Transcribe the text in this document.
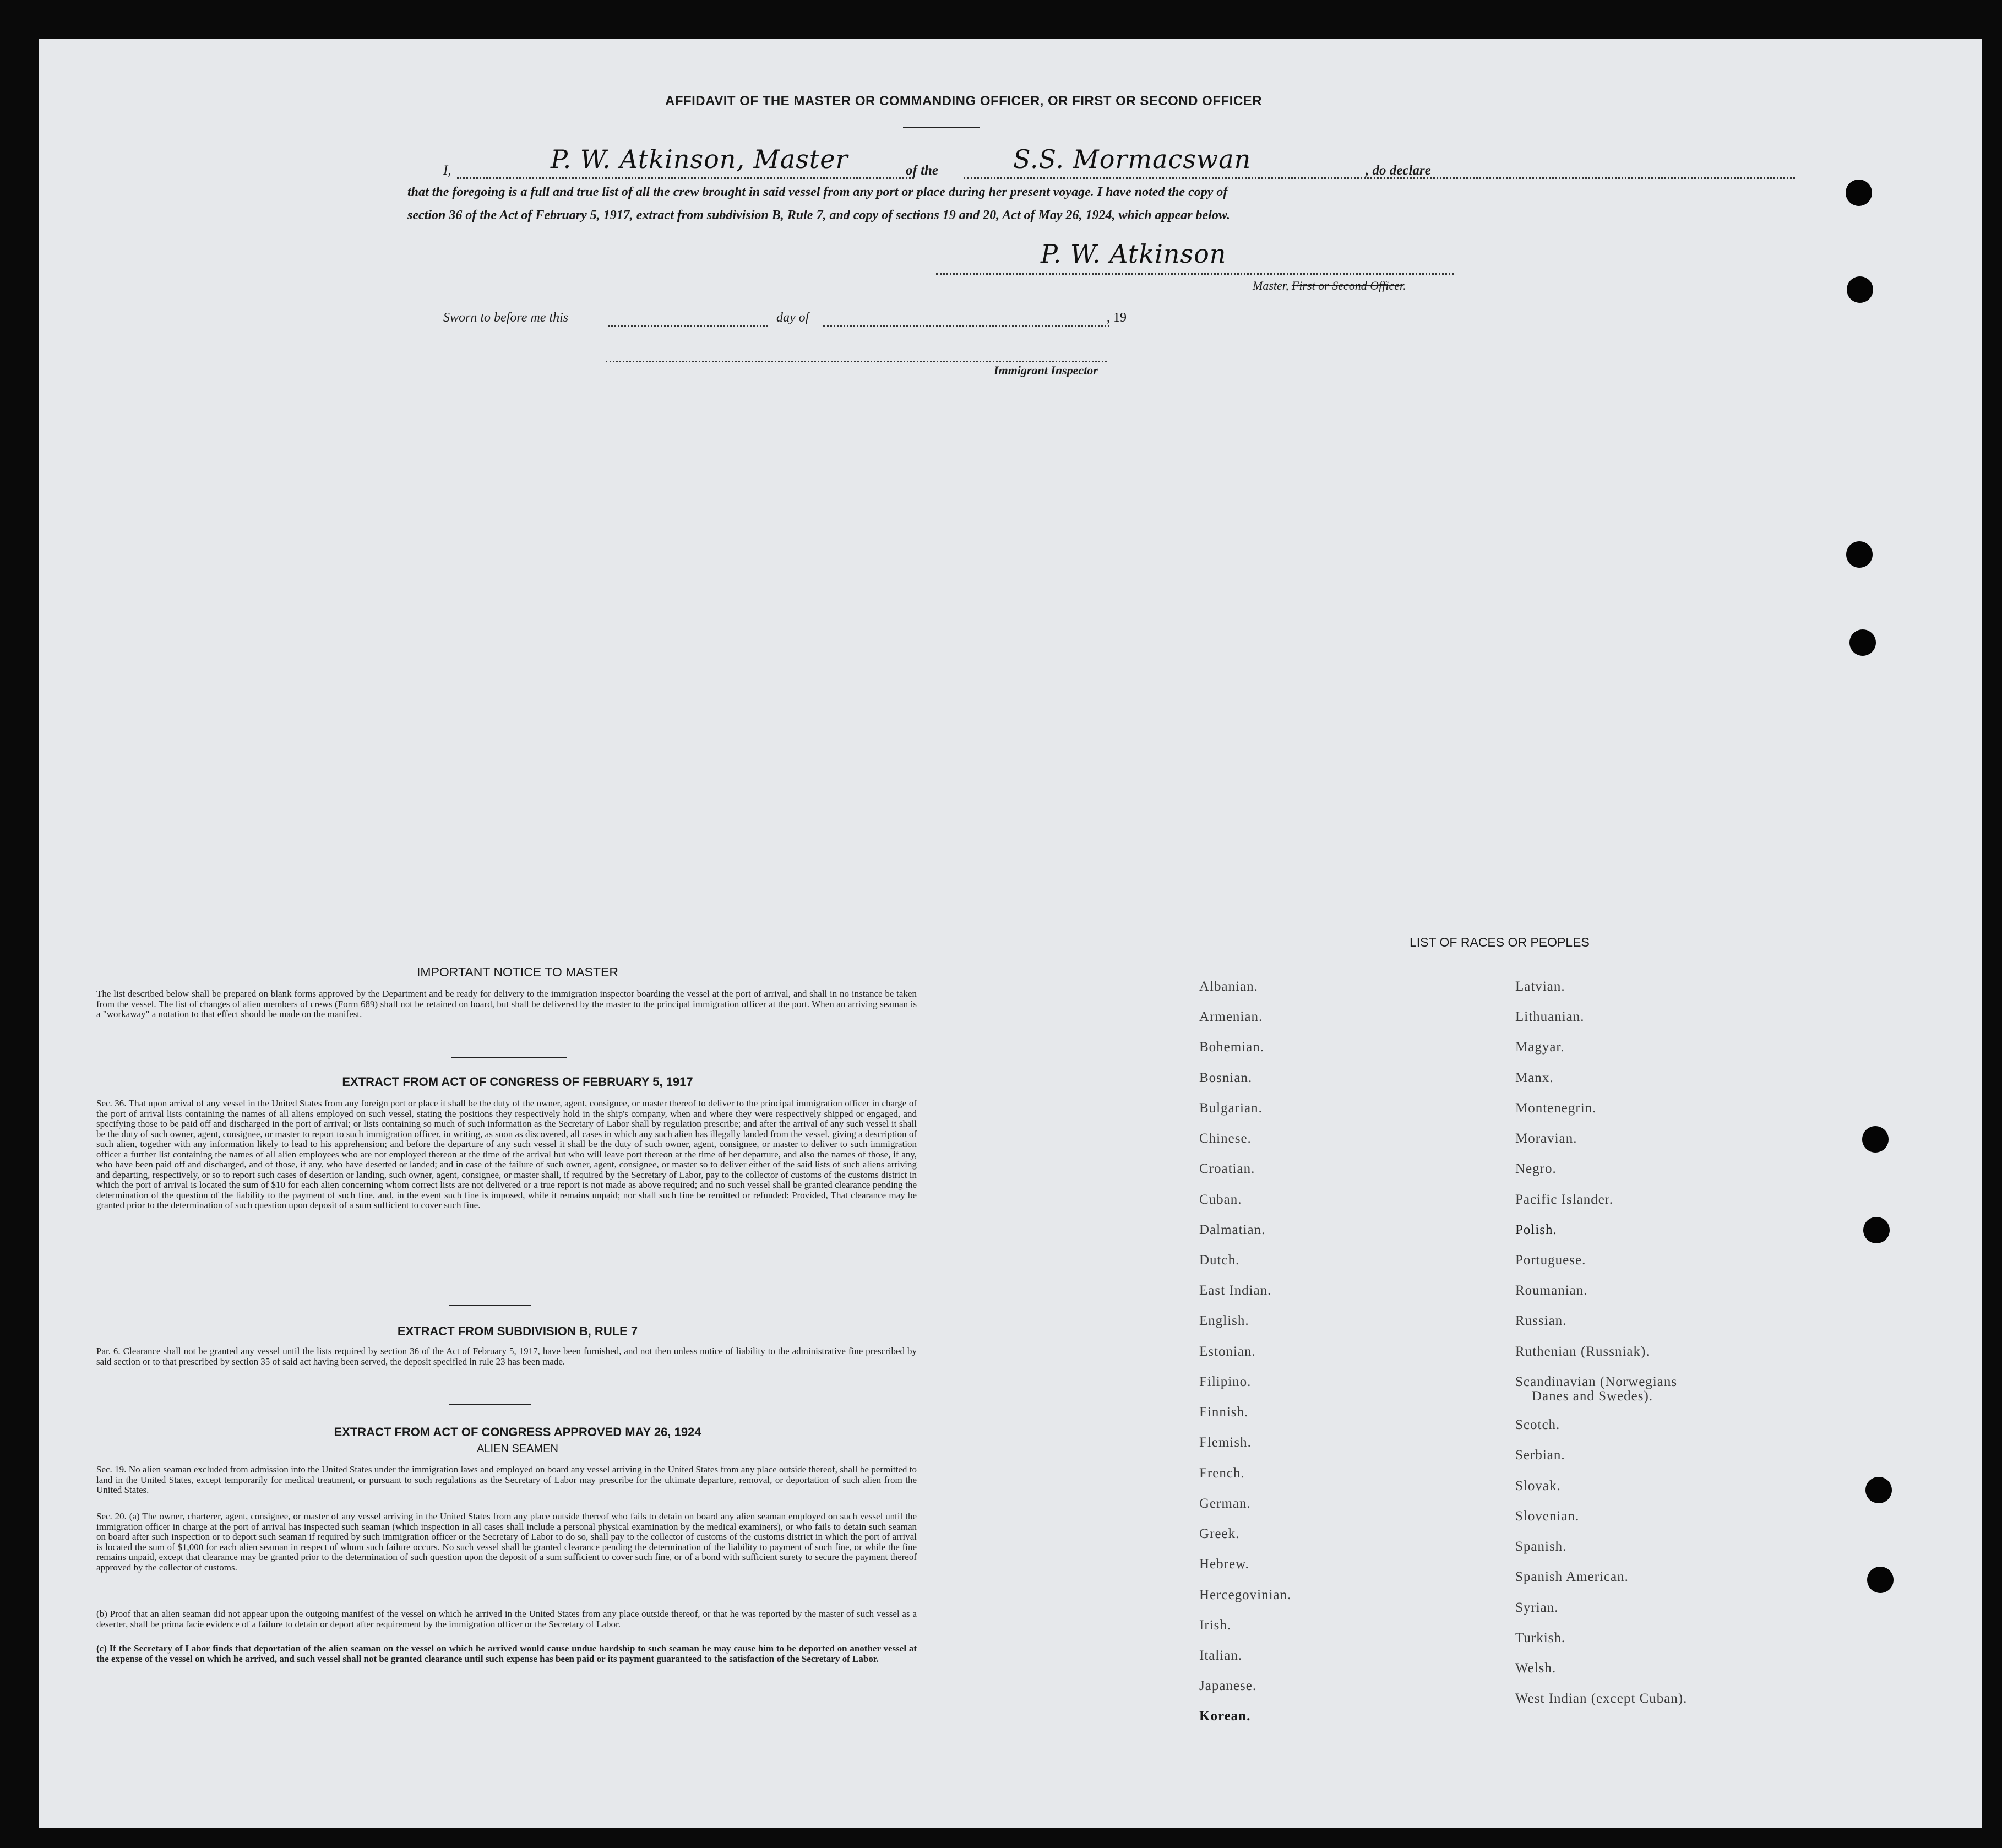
AFFIDAVIT OF THE MASTER OR COMMANDING OFFICER, OR FIRST OR SECOND OFFICER
I,	P. W. Atkinson, Master	of the	S.S. Mormacswan	, do declare
that the foregoing is a full and true list of all the crew brought in said vessel from any port or place during her present voyage. I have noted the copy of
section 36 of the Act of February 5, 1917, extract from subdivision B, Rule 7, and copy of sections 19 and 20, Act of May 26, 1924, which appear below.
P. W. Atkinson
Master, First or Second Officer.
Sworn to before me this	day of	, 19
Immigrant Inspector
IMPORTANT NOTICE TO MASTER
The list described below shall be prepared on blank forms approved by the Department and be ready for delivery to the immigration inspector boarding the vessel at the port of arrival, and shall in no instance be taken from the vessel. The list of changes of alien members of crews (Form 689) shall not be retained on board, but shall be delivered by the master to the principal immigration officer at the port. When an arriving seaman is a "workaway" a notation to that effect should be made on the manifest.
EXTRACT FROM ACT OF CONGRESS OF FEBRUARY 5, 1917
Sec. 36. That upon arrival of any vessel in the United States from any foreign port or place it shall be the duty of the owner, agent, consignee, or master thereof to deliver to the principal immigration officer in charge of the port of arrival lists containing the names of all aliens employed on such vessel, stating the positions they respectively hold in the ship's company, when and where they were respectively shipped or engaged, and specifying those to be paid off and discharged in the port of arrival; or lists containing so much of such information as the Secretary of Labor shall by regulation prescribe; and after the arrival of any such vessel it shall be the duty of such owner, agent, consignee, or master to report to such immigration officer, in writing, as soon as discovered, all cases in which any such alien has illegally landed from the vessel, giving a description of such alien, together with any information likely to lead to his apprehension; and before the departure of any such vessel it shall be the duty of such owner, agent, consignee, or master to deliver to such immigration officer a further list containing the names of all alien employees who are not employed thereon at the time of the arrival but who will leave port thereon at the time of her departure, and also the names of those, if any, who have been paid off and discharged, and of those, if any, who have deserted or landed; and in case of the failure of such owner, agent, consignee, or master so to deliver either of the said lists of such aliens arriving and departing, respectively, or so to report such cases of desertion or landing, such owner, agent, consignee, or master shall, if required by the Secretary of Labor, pay to the collector of customs of the customs district in which the port of arrival is located the sum of $10 for each alien concerning whom correct lists are not delivered or a true report is not made as above required; and no such vessel shall be granted clearance pending the determination of the question of the liability to the payment of such fine, and, in the event such fine is imposed, while it remains unpaid; nor shall such fine be remitted or refunded: Provided, That clearance may be granted prior to the determination of such question upon deposit of a sum sufficient to cover such fine.
EXTRACT FROM SUBDIVISION B, RULE 7
Par. 6. Clearance shall not be granted any vessel until the lists required by section 36 of the Act of February 5, 1917, have been furnished, and not then unless notice of liability to the administrative fine prescribed by said section or to that prescribed by section 35 of said act having been served, the deposit specified in rule 23 has been made.
EXTRACT FROM ACT OF CONGRESS APPROVED MAY 26, 1924
ALIEN SEAMEN
Sec. 19. No alien seaman excluded from admission into the United States under the immigration laws and employed on board any vessel arriving in the United States from any place outside thereof, shall be permitted to land in the United States, except temporarily for medical treatment, or pursuant to such regulations as the Secretary of Labor may prescribe for the ultimate departure, removal, or deportation of such alien from the United States.
Sec. 20. (a) The owner, charterer, agent, consignee, or master of any vessel arriving in the United States from any place outside thereof who fails to detain on board any alien seaman employed on such vessel until the immigration officer in charge at the port of arrival has inspected such seaman (which inspection in all cases shall include a personal physical examination by the medical examiners), or who fails to detain such seaman on board after such inspection or to deport such seaman if required by such immigration officer or the Secretary of Labor to do so, shall pay to the collector of customs of the customs district in which the port of arrival is located the sum of $1,000 for each alien seaman in respect of whom such failure occurs. No such vessel shall be granted clearance pending the determination of the liability to payment of such fine, or while the fine remains unpaid, except that clearance may be granted prior to the determination of such question upon the deposit of a sum sufficient to cover such fine, or of a bond with sufficient surety to secure the payment thereof approved by the collector of customs.
(b) Proof that an alien seaman did not appear upon the outgoing manifest of the vessel on which he arrived in the United States from any place outside thereof, or that he was reported by the master of such vessel as a deserter, shall be prima facie evidence of a failure to detain or deport after requirement by the immigration officer or the Secretary of Labor.
(c) If the Secretary of Labor finds that deportation of the alien seaman on the vessel on which he arrived would cause undue hardship to such seaman he may cause him to be deported on another vessel at the expense of the vessel on which he arrived, and such vessel shall not be granted clearance until such expense has been paid or its payment guaranteed to the satisfaction of the Secretary of Labor.
LIST OF RACES OR PEOPLES
Albanian.
Armenian.
Bohemian.
Bosnian.
Bulgarian.
Chinese.
Croatian.
Cuban.
Dalmatian.
Dutch.
East Indian.
English.
Estonian.
Filipino.
Finnish.
Flemish.
French.
German.
Greek.
Hebrew.
Hercegovinian.
Irish.
Italian.
Japanese.
Korean.
Latvian.
Lithuanian.
Magyar.
Manx.
Montenegrin.
Moravian.
Negro.
Pacific Islander.
Polish.
Portuguese.
Roumanian.
Russian.
Ruthenian (Russniak).
Scandinavian (Norwegians
Danes and Swedes).
Scotch.
Serbian.
Slovak.
Slovenian.
Spanish.
Spanish American.
Syrian.
Turkish.
Welsh.
West Indian (except Cuban).
